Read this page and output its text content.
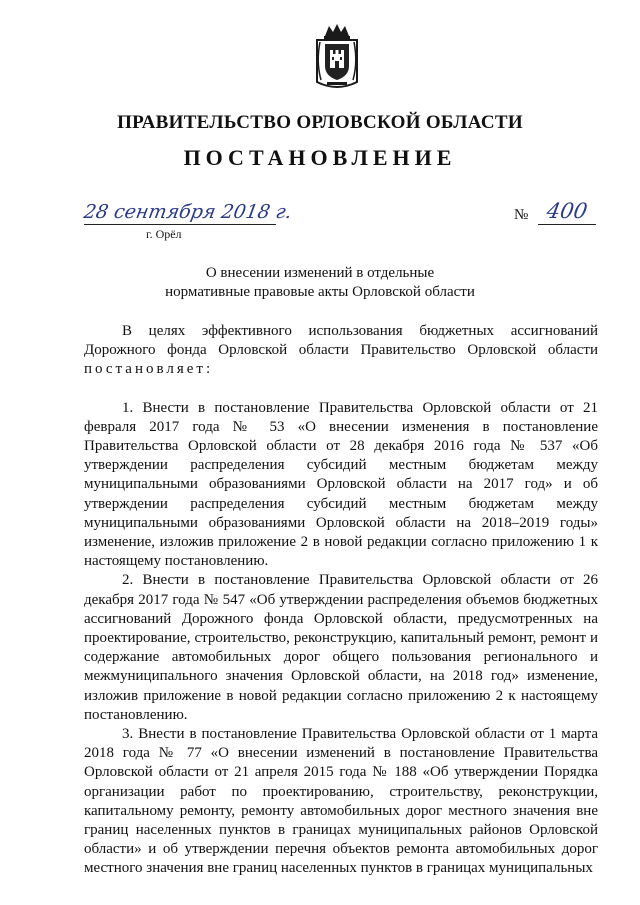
ПРАВИТЕЛЬСТВО ОРЛОВСКОЙ ОБЛАСТИ
ПОСТАНОВЛЕНИЕ
28 сентября 2018 г.
г. Орёл
№ 400
О внесении изменений в отдельные
нормативные правовые акты Орловской области

В целях эффективного использования бюджетных ассигнований Дорожного фонда Орловской области Правительство Орловской области постановляет:

1. Внести в постановление Правительства Орловской области от 21 февраля 2017 года № 53 «О внесении изменения в постановление Правительства Орловской области от 28 декабря 2016 года № 537 «Об утверждении распределения субсидий местным бюджетам между муниципальными образованиями Орловской области на 2017 год» и об утверждении распределения субсидий местным бюджетам между муниципальными образованиями Орловской области на 2018–2019 годы» изменение, изложив приложение 2 в новой редакции согласно приложению 1 к настоящему постановлению.

2. Внести в постановление Правительства Орловской области от 26 декабря 2017 года № 547 «Об утверждении распределения объемов бюджетных ассигнований Дорожного фонда Орловской области, предусмотренных на проектирование, строительство, реконструкцию, капитальный ремонт, ремонт и содержание автомобильных дорог общего пользования регионального и межмуниципального значения Орловской области, на 2018 год» изменение, изложив приложение в новой редакции согласно приложению 2 к настоящему постановлению.

3. Внести в постановление Правительства Орловской области от 1 марта 2018 года № 77 «О внесении изменений в постановление Правительства Орловской области от 21 апреля 2015 года № 188 «Об утверждении Порядка организации работ по проектированию, строительству, реконструкции, капитальному ремонту, ремонту автомобильных дорог местного значения вне границ населенных пунктов в границах муниципальных районов Орловской области» и об утверждении перечня объектов ремонта автомобильных дорог местного значения вне границ населенных пунктов в границах муниципальных
